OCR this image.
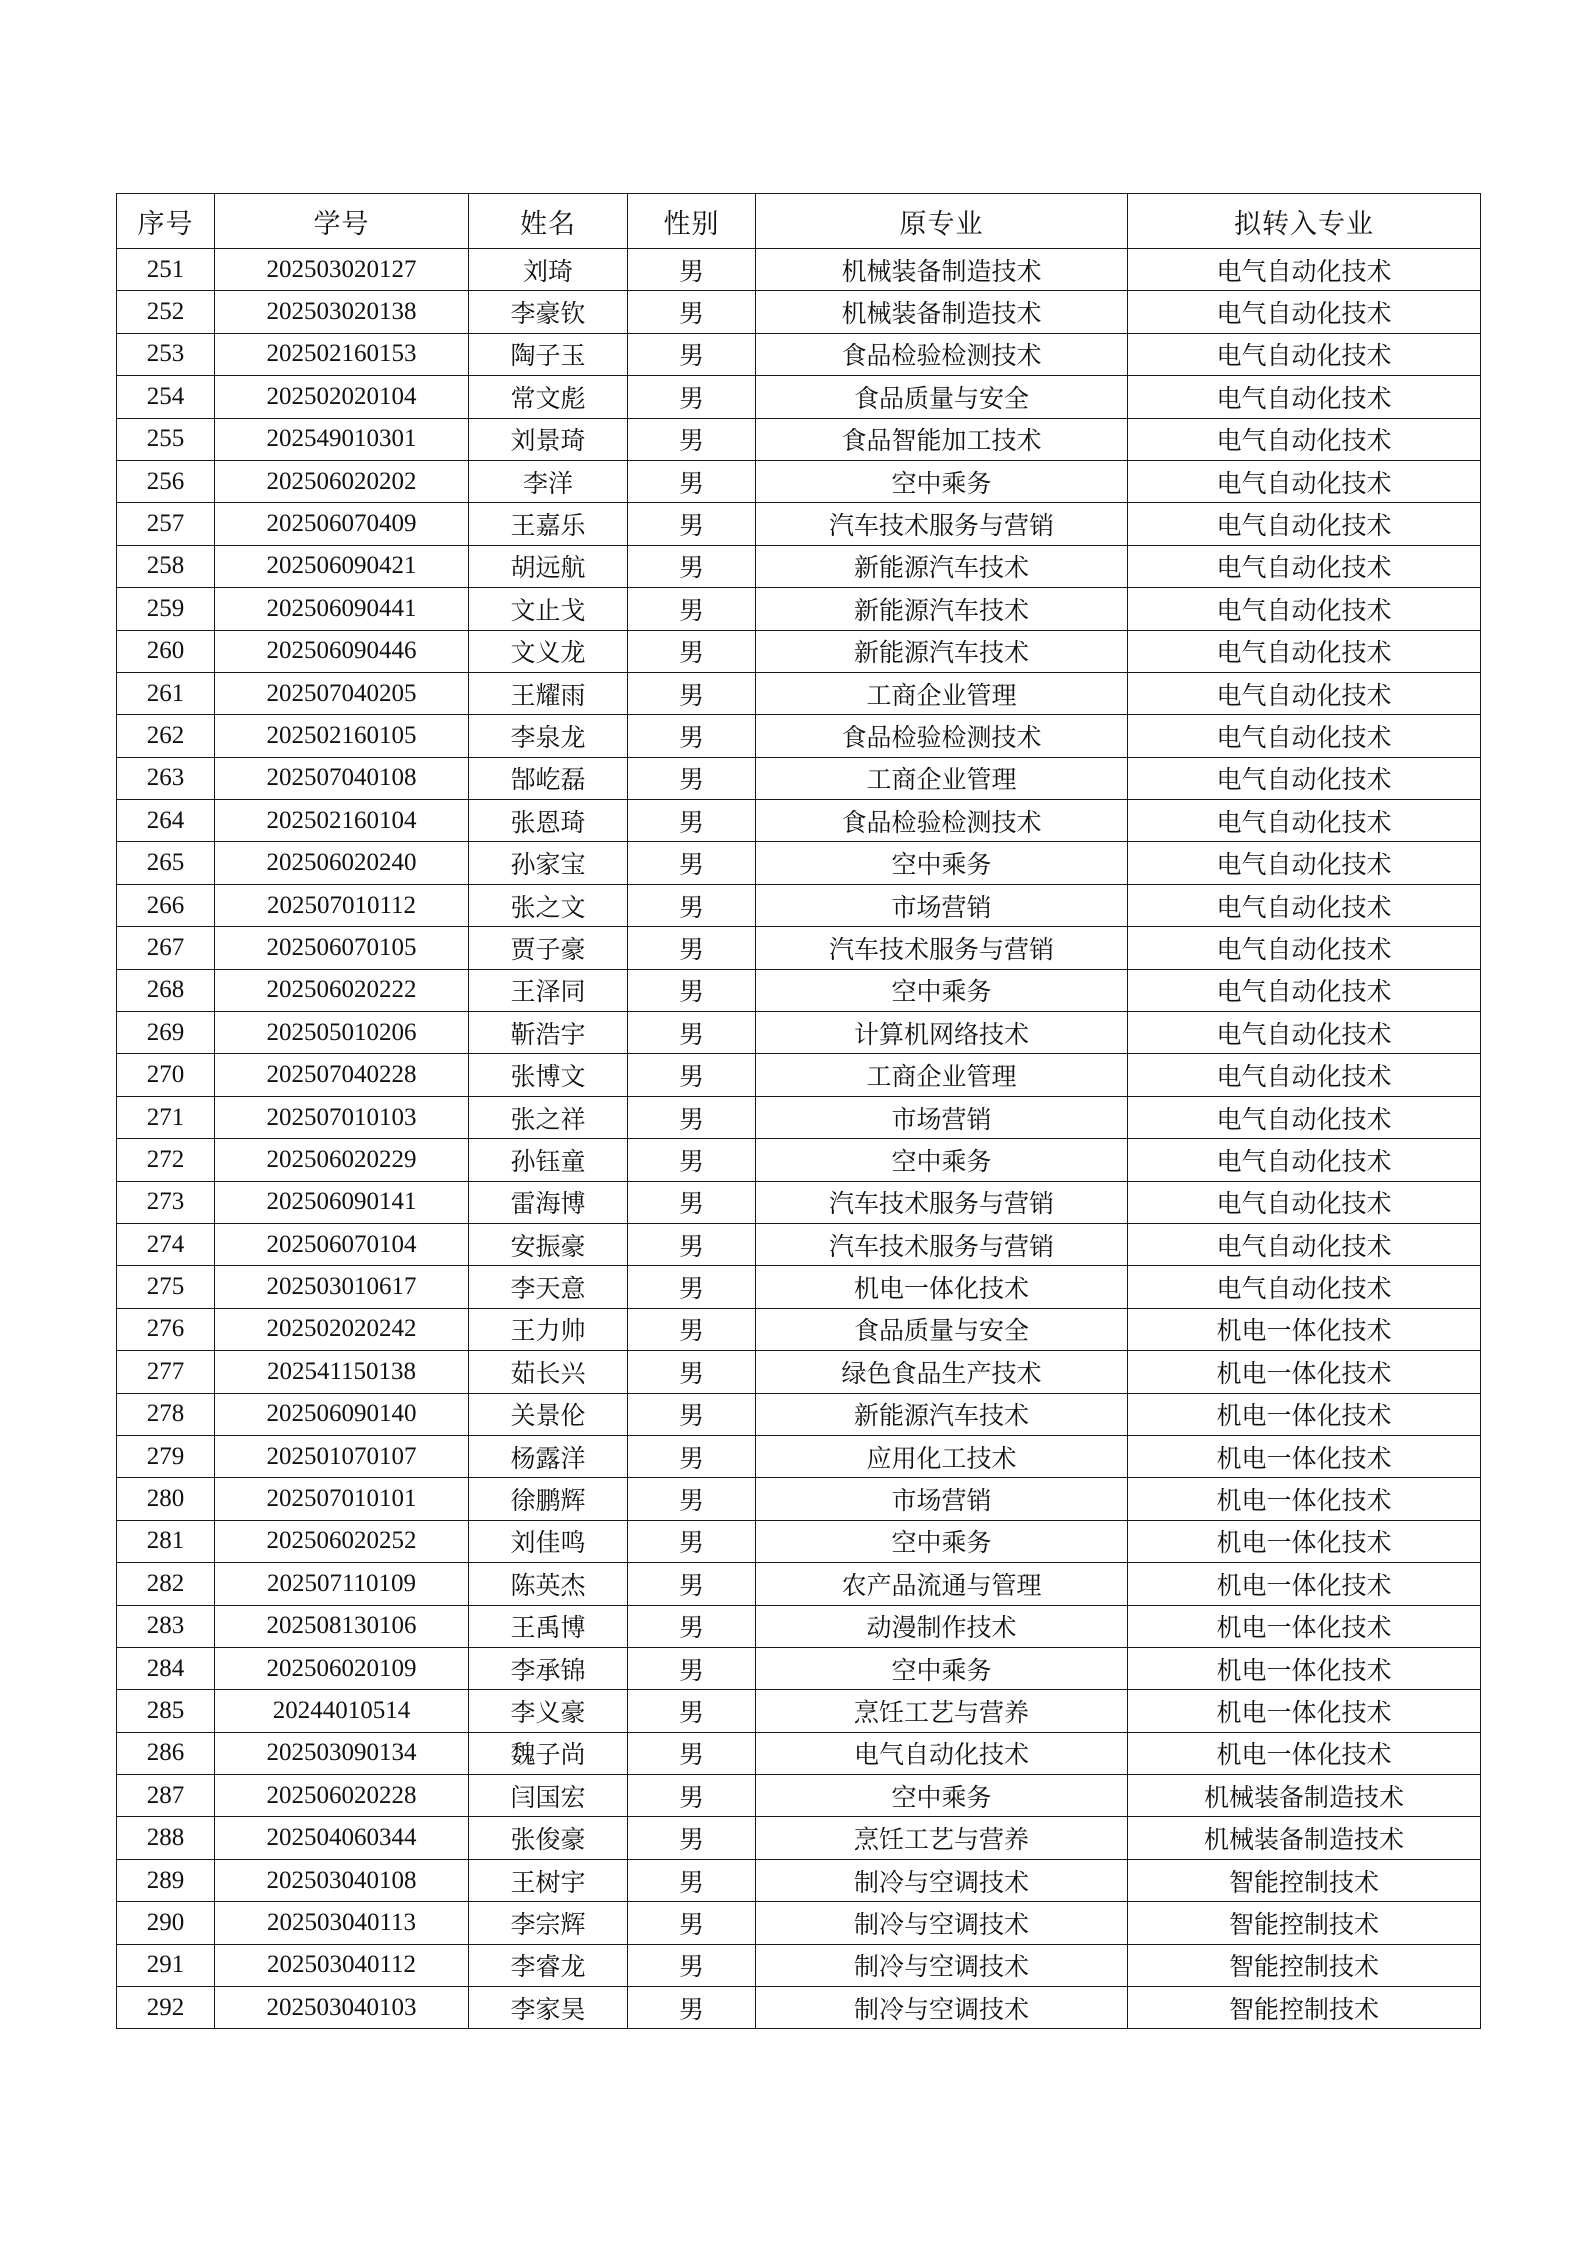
序号	学号	姓名	性别	原专业	拟转入专业
251	202503020127	刘琦	男	机械装备制造技术	电气自动化技术
252	202503020138	李豪钦	男	机械装备制造技术	电气自动化技术
253	202502160153	陶子玉	男	食品检验检测技术	电气自动化技术
254	202502020104	常文彪	男	食品质量与安全	电气自动化技术
255	202549010301	刘景琦	男	食品智能加工技术	电气自动化技术
256	202506020202	李洋	男	空中乘务	电气自动化技术
257	202506070409	王嘉乐	男	汽车技术服务与营销	电气自动化技术
258	202506090421	胡远航	男	新能源汽车技术	电气自动化技术
259	202506090441	文止戈	男	新能源汽车技术	电气自动化技术
260	202506090446	文义龙	男	新能源汽车技术	电气自动化技术
261	202507040205	王耀雨	男	工商企业管理	电气自动化技术
262	202502160105	李泉龙	男	食品检验检测技术	电气自动化技术
263	202507040108	郜屹磊	男	工商企业管理	电气自动化技术
264	202502160104	张恩琦	男	食品检验检测技术	电气自动化技术
265	202506020240	孙家宝	男	空中乘务	电气自动化技术
266	202507010112	张之文	男	市场营销	电气自动化技术
267	202506070105	贾子豪	男	汽车技术服务与营销	电气自动化技术
268	202506020222	王泽同	男	空中乘务	电气自动化技术
269	202505010206	靳浩宇	男	计算机网络技术	电气自动化技术
270	202507040228	张博文	男	工商企业管理	电气自动化技术
271	202507010103	张之祥	男	市场营销	电气自动化技术
272	202506020229	孙钰童	男	空中乘务	电气自动化技术
273	202506090141	雷海博	男	汽车技术服务与营销	电气自动化技术
274	202506070104	安振豪	男	汽车技术服务与营销	电气自动化技术
275	202503010617	李天意	男	机电一体化技术	电气自动化技术
276	202502020242	王力帅	男	食品质量与安全	机电一体化技术
277	202541150138	茹长兴	男	绿色食品生产技术	机电一体化技术
278	202506090140	关景伦	男	新能源汽车技术	机电一体化技术
279	202501070107	杨露洋	男	应用化工技术	机电一体化技术
280	202507010101	徐鹏辉	男	市场营销	机电一体化技术
281	202506020252	刘佳鸣	男	空中乘务	机电一体化技术
282	202507110109	陈英杰	男	农产品流通与管理	机电一体化技术
283	202508130106	王禹博	男	动漫制作技术	机电一体化技术
284	202506020109	李承锦	男	空中乘务	机电一体化技术
285	20244010514	李义豪	男	烹饪工艺与营养	机电一体化技术
286	202503090134	魏子尚	男	电气自动化技术	机电一体化技术
287	202506020228	闫国宏	男	空中乘务	机械装备制造技术
288	202504060344	张俊豪	男	烹饪工艺与营养	机械装备制造技术
289	202503040108	王树宇	男	制冷与空调技术	智能控制技术
290	202503040113	李宗辉	男	制冷与空调技术	智能控制技术
291	202503040112	李睿龙	男	制冷与空调技术	智能控制技术
292	202503040103	李家昊	男	制冷与空调技术	智能控制技术
